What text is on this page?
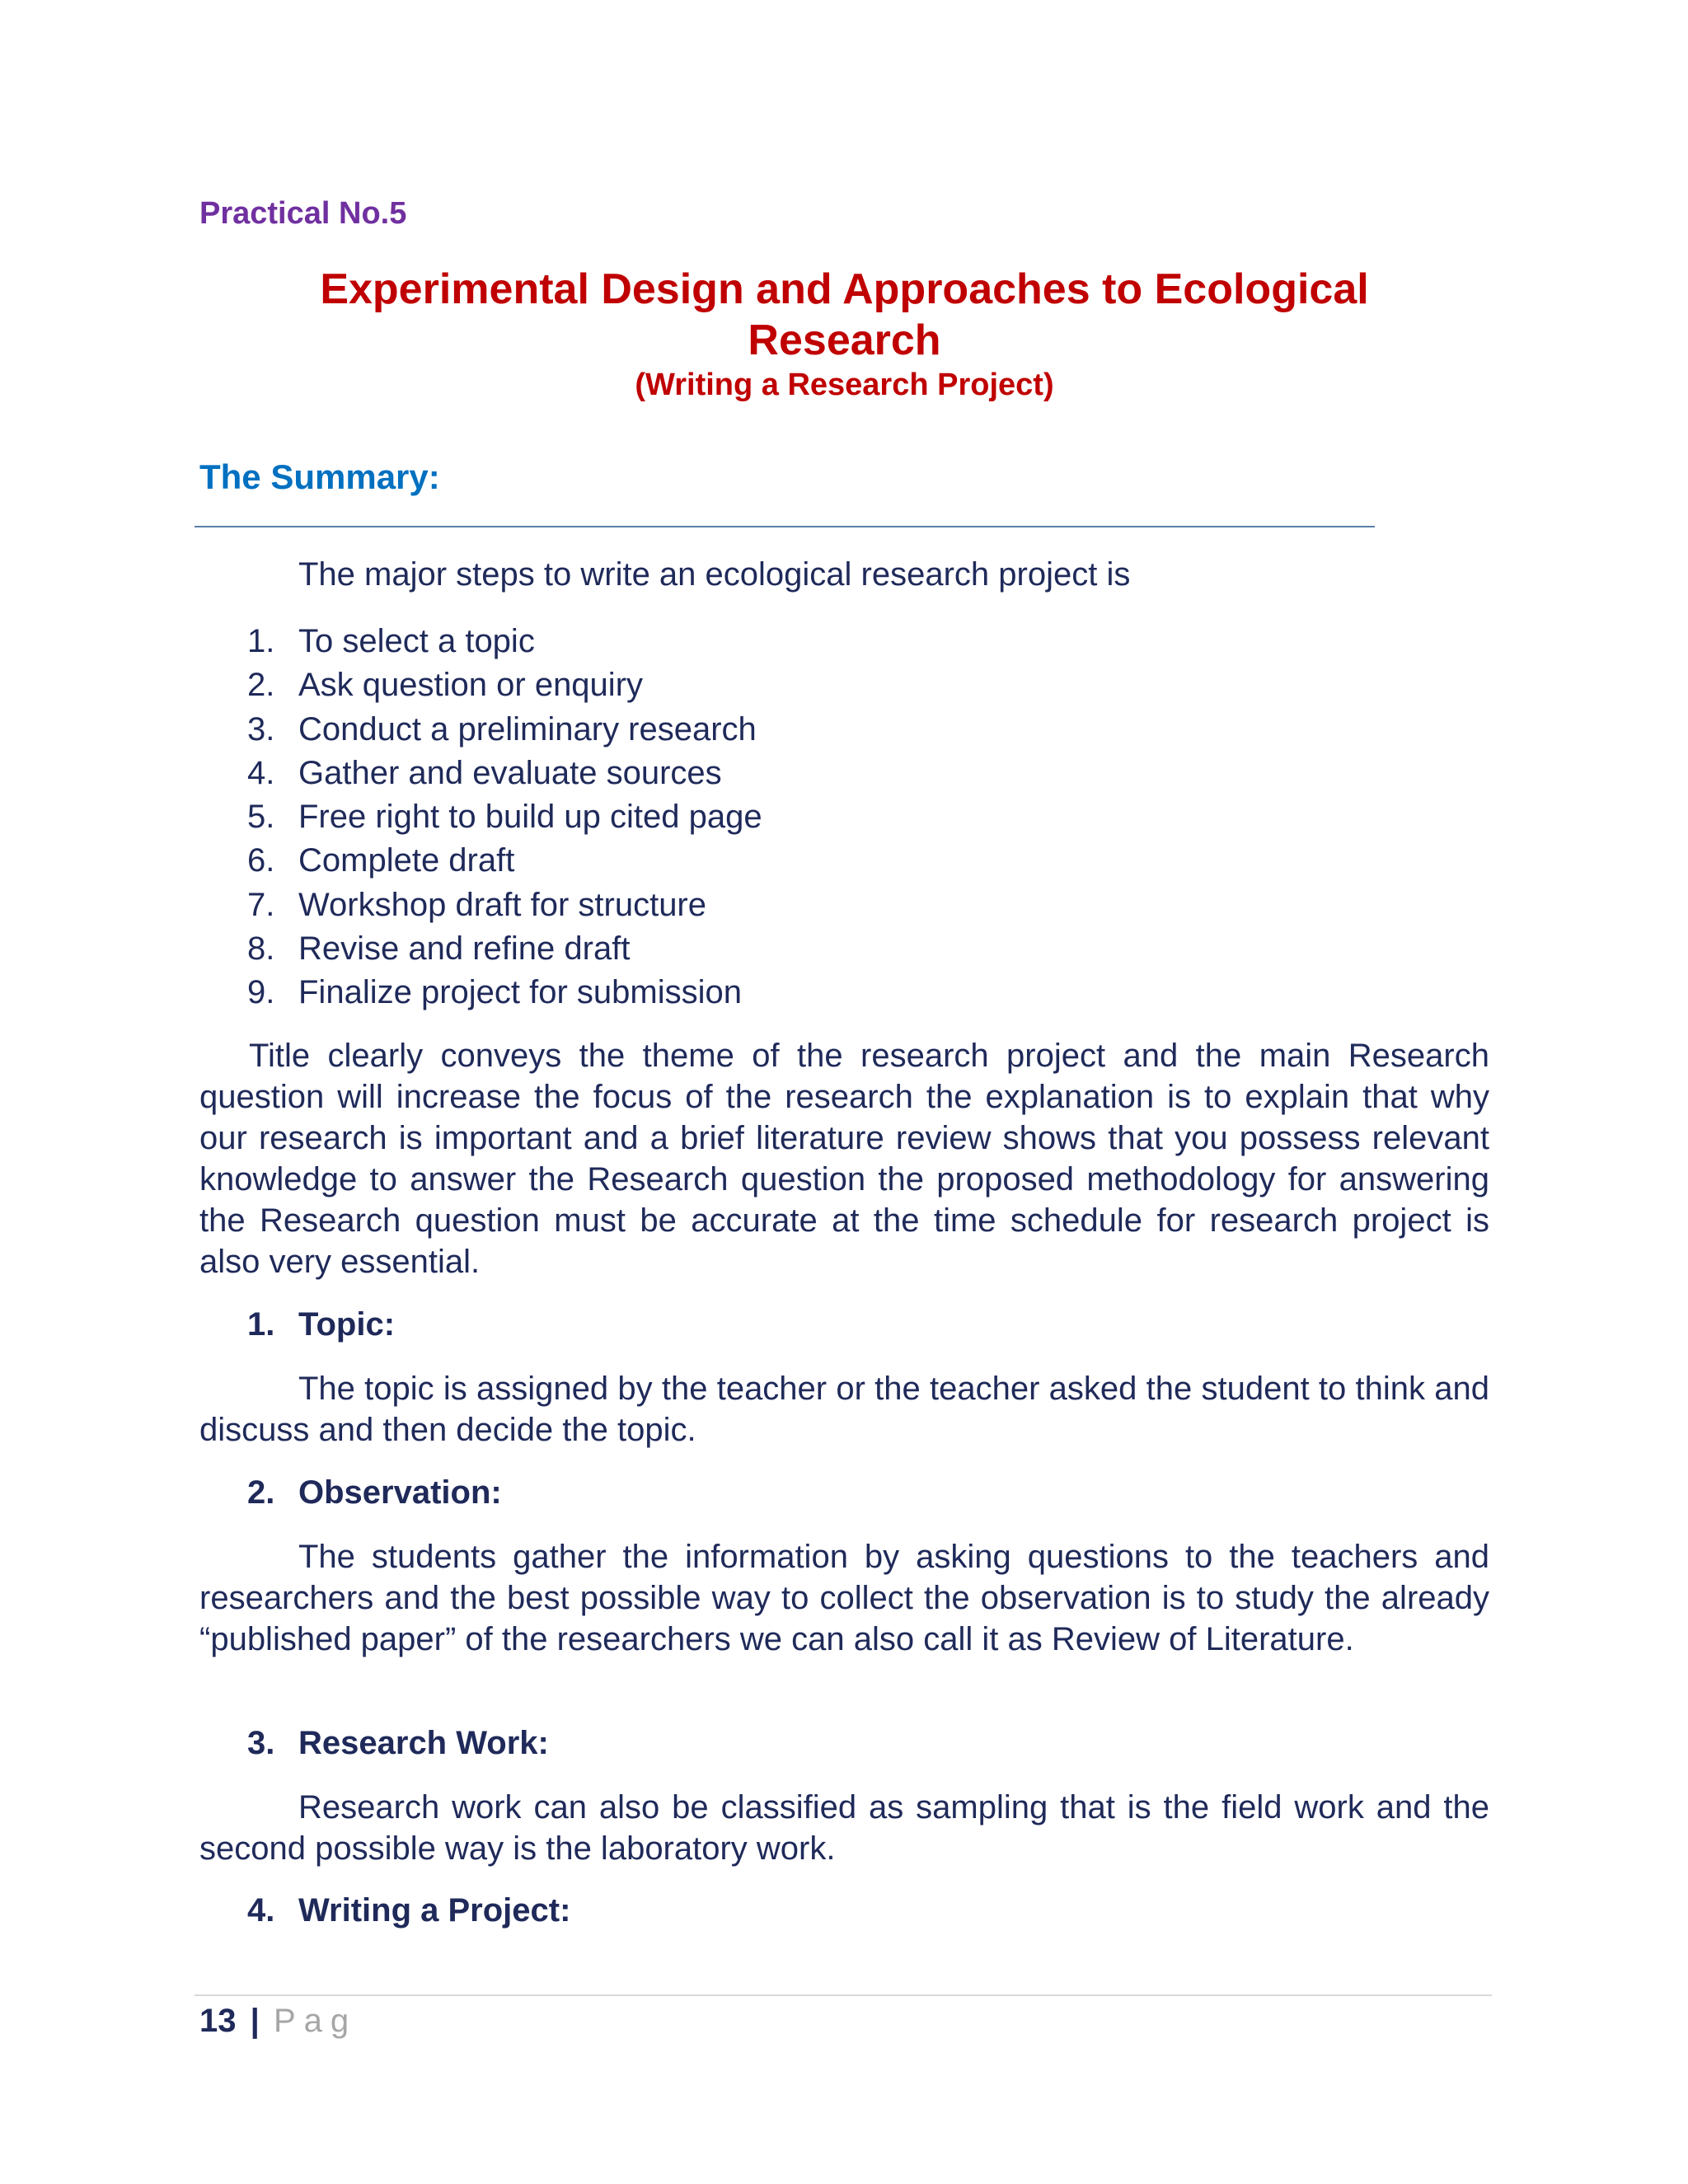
Practical No.5

Experimental Design and Approaches to Ecological
Research

(Writing a Research Project)

The Summary:

The major steps to write an ecological research project is

1. To select a topic
2. Ask question or enquiry
3. Conduct a preliminary research
4. Gather and evaluate sources
5. Free right to build up cited page
6. Complete draft
7. Workshop draft for structure
8. Revise and refine draft
9. Finalize project for submission

Title clearly conveys the theme of the research project and the main Research question will increase the focus of the research the explanation is to explain that why our research is important and a brief literature review shows that you possess relevant knowledge to answer the Research question the proposed methodology for answering the Research question must be accurate at the time schedule for research project is also very essential.

1. Topic:

The topic is assigned by the teacher or the teacher asked the student to think and discuss and then decide the topic.

2. Observation:

The students gather the information by asking questions to the teachers and researchers and the best possible way to collect the observation is to study the already “published paper” of the researchers we can also call it as Review of Literature.

3. Research Work:

Research work can also be classified as sampling that is the field work and the second possible way is the laboratory work.

4. Writing a Project:
13 | Pag
